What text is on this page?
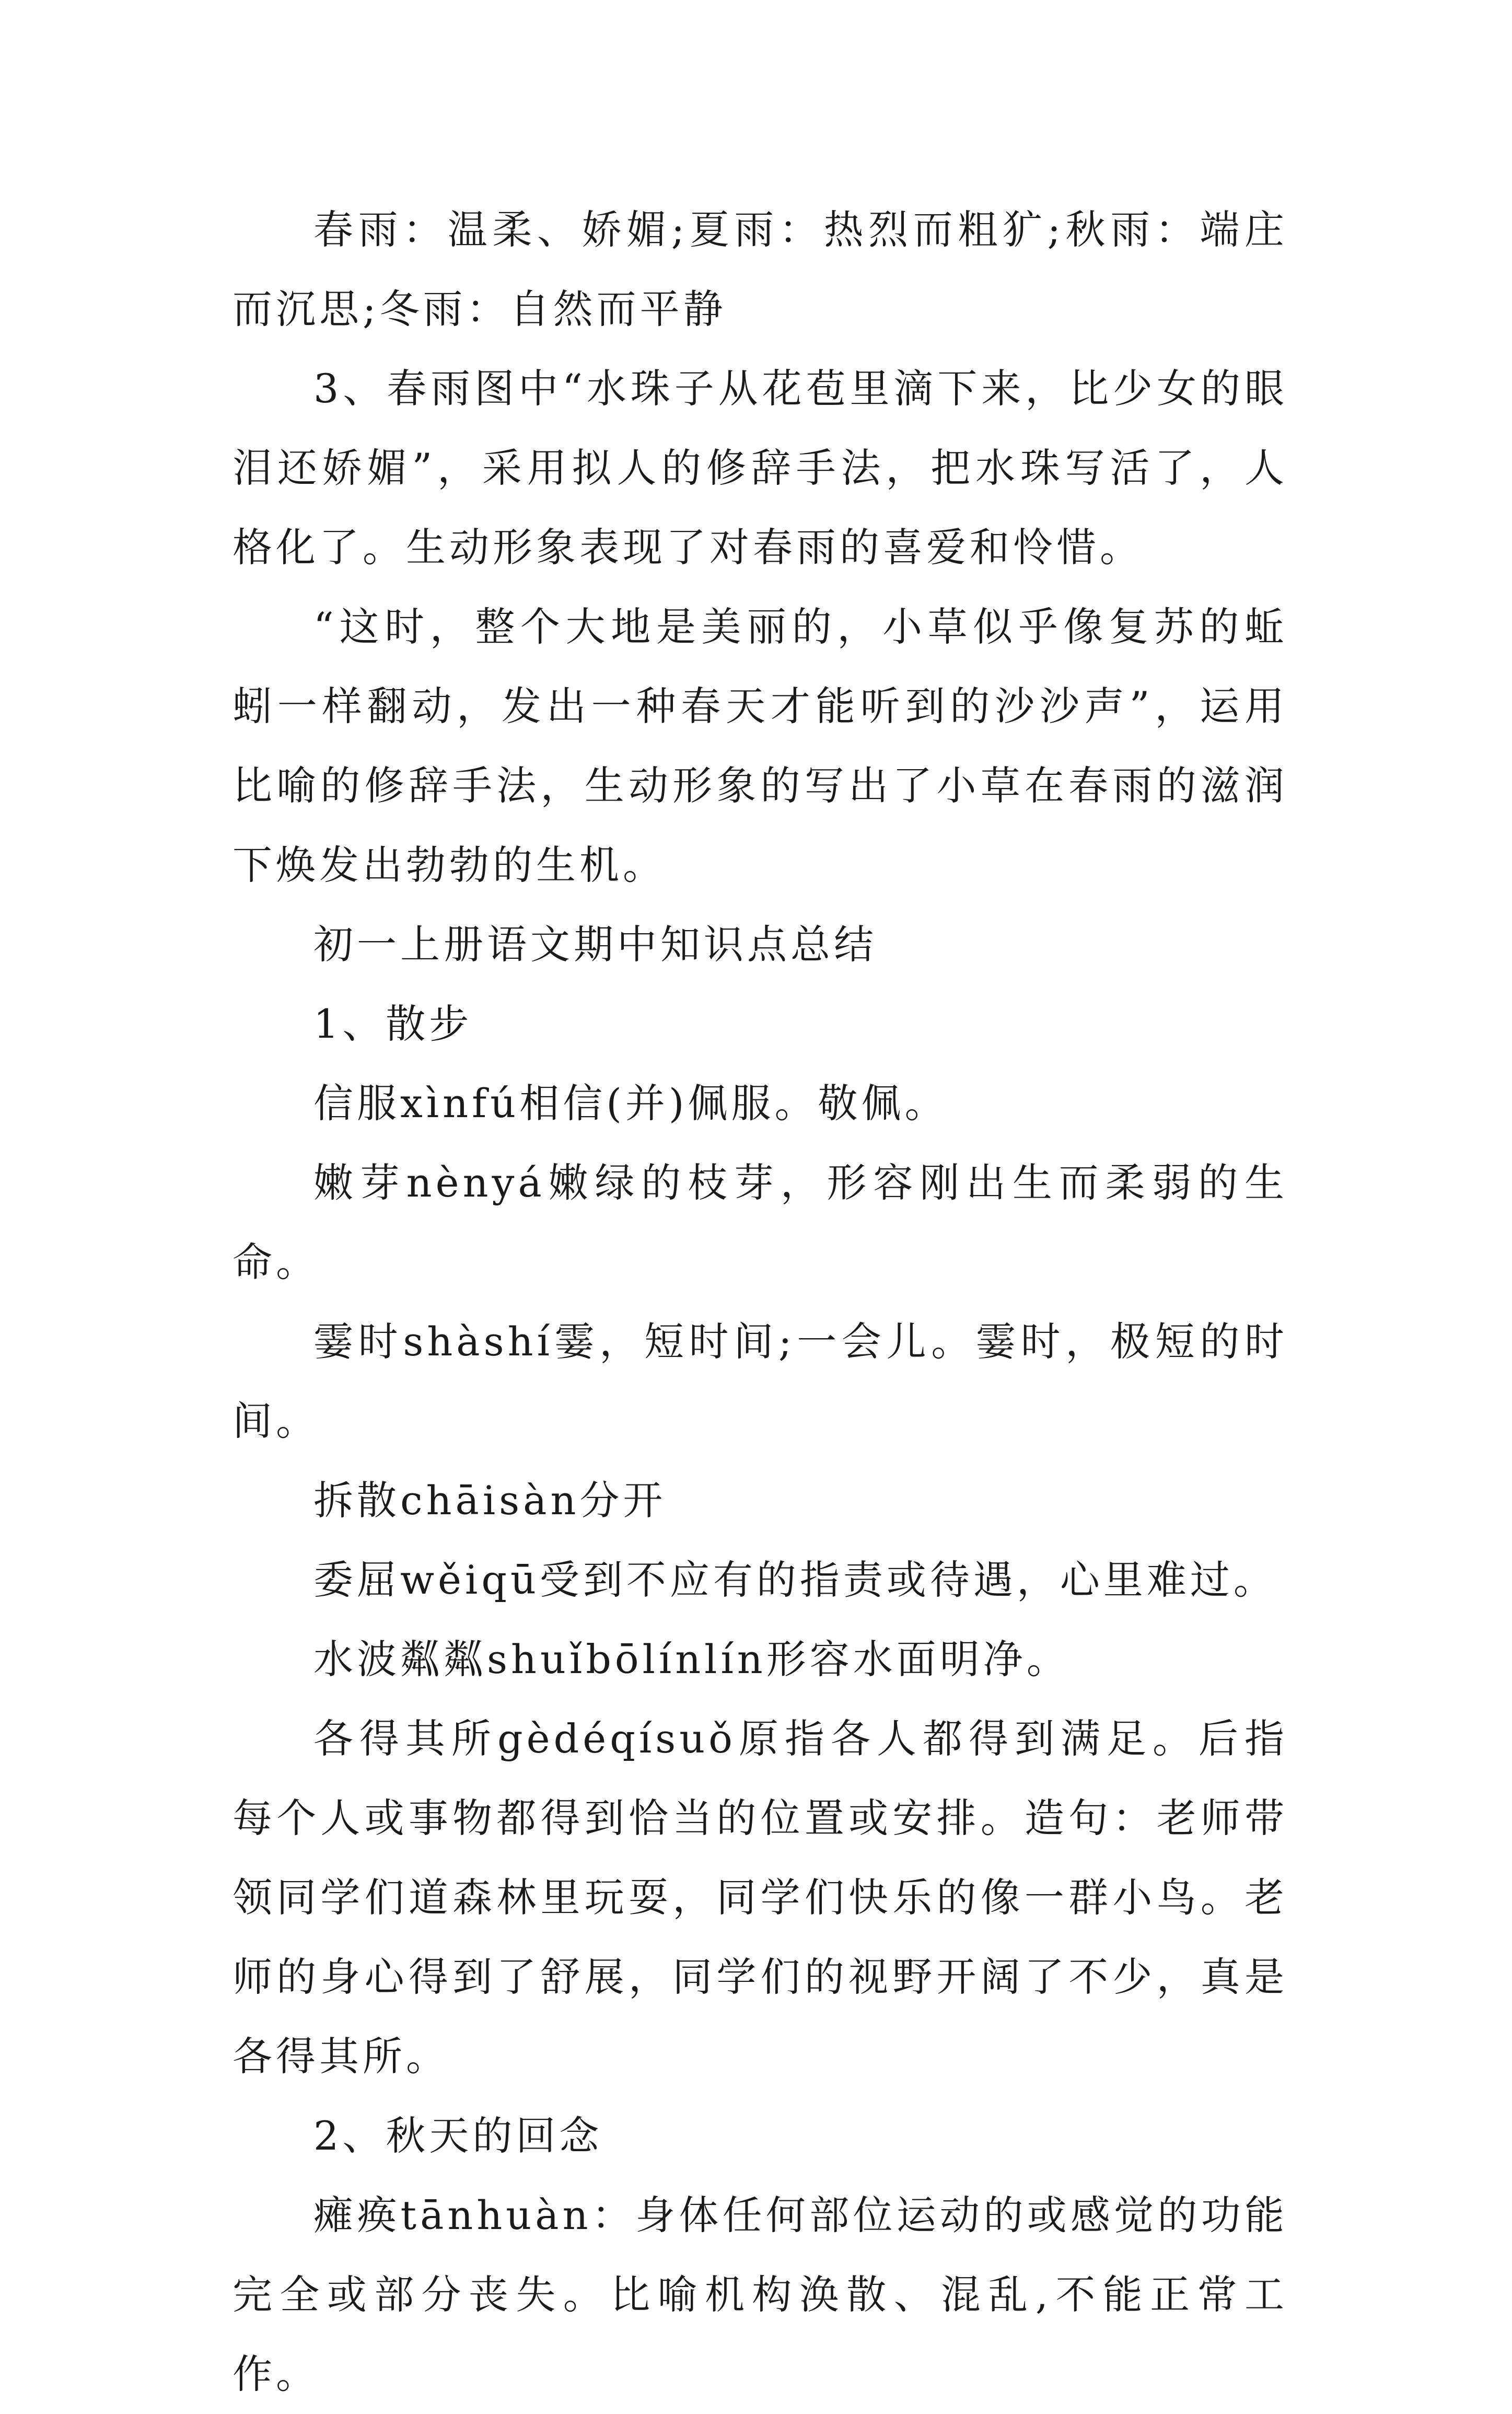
春雨：温柔、娇媚;夏雨：热烈而粗犷;秋雨：端庄而沉思;冬雨：自然而平静

3、春雨图中“水珠子从花苞里滴下来，比少女的眼泪还娇媚”，采用拟人的修辞手法，把水珠写活了，人格化了。生动形象表现了对春雨的喜爱和怜惜。

“这时，整个大地是美丽的，小草似乎像复苏的蚯蚓一样翻动，发出一种春天才能听到的沙沙声”，运用比喻的修辞手法，生动形象的写出了小草在春雨的滋润下焕发出勃勃的生机。

初一上册语文期中知识点总结

1、散步

信服xìnfú相信(并)佩服。敬佩。

嫩芽nènyá嫩绿的枝芽，形容刚出生而柔弱的生命。

霎时shàshí霎，短时间;一会儿。霎时，极短的时间。

拆散chāisàn分开

委屈wěiqū受到不应有的指责或待遇，心里难过。

水波粼粼shuǐbōlínlín形容水面明净。

各得其所gèdéqísuǒ原指各人都得到满足。后指每个人或事物都得到恰当的位置或安排。造句：老师带领同学们道森林里玩耍，同学们快乐的像一群小鸟。老师的身心得到了舒展，同学们的视野开阔了不少，真是各得其所。

2、秋天的回念

瘫痪tānhuàn：身体任何部位运动的或感觉的功能完全或部分丧失。比喻机构涣散、混乱,不能正常工作。
